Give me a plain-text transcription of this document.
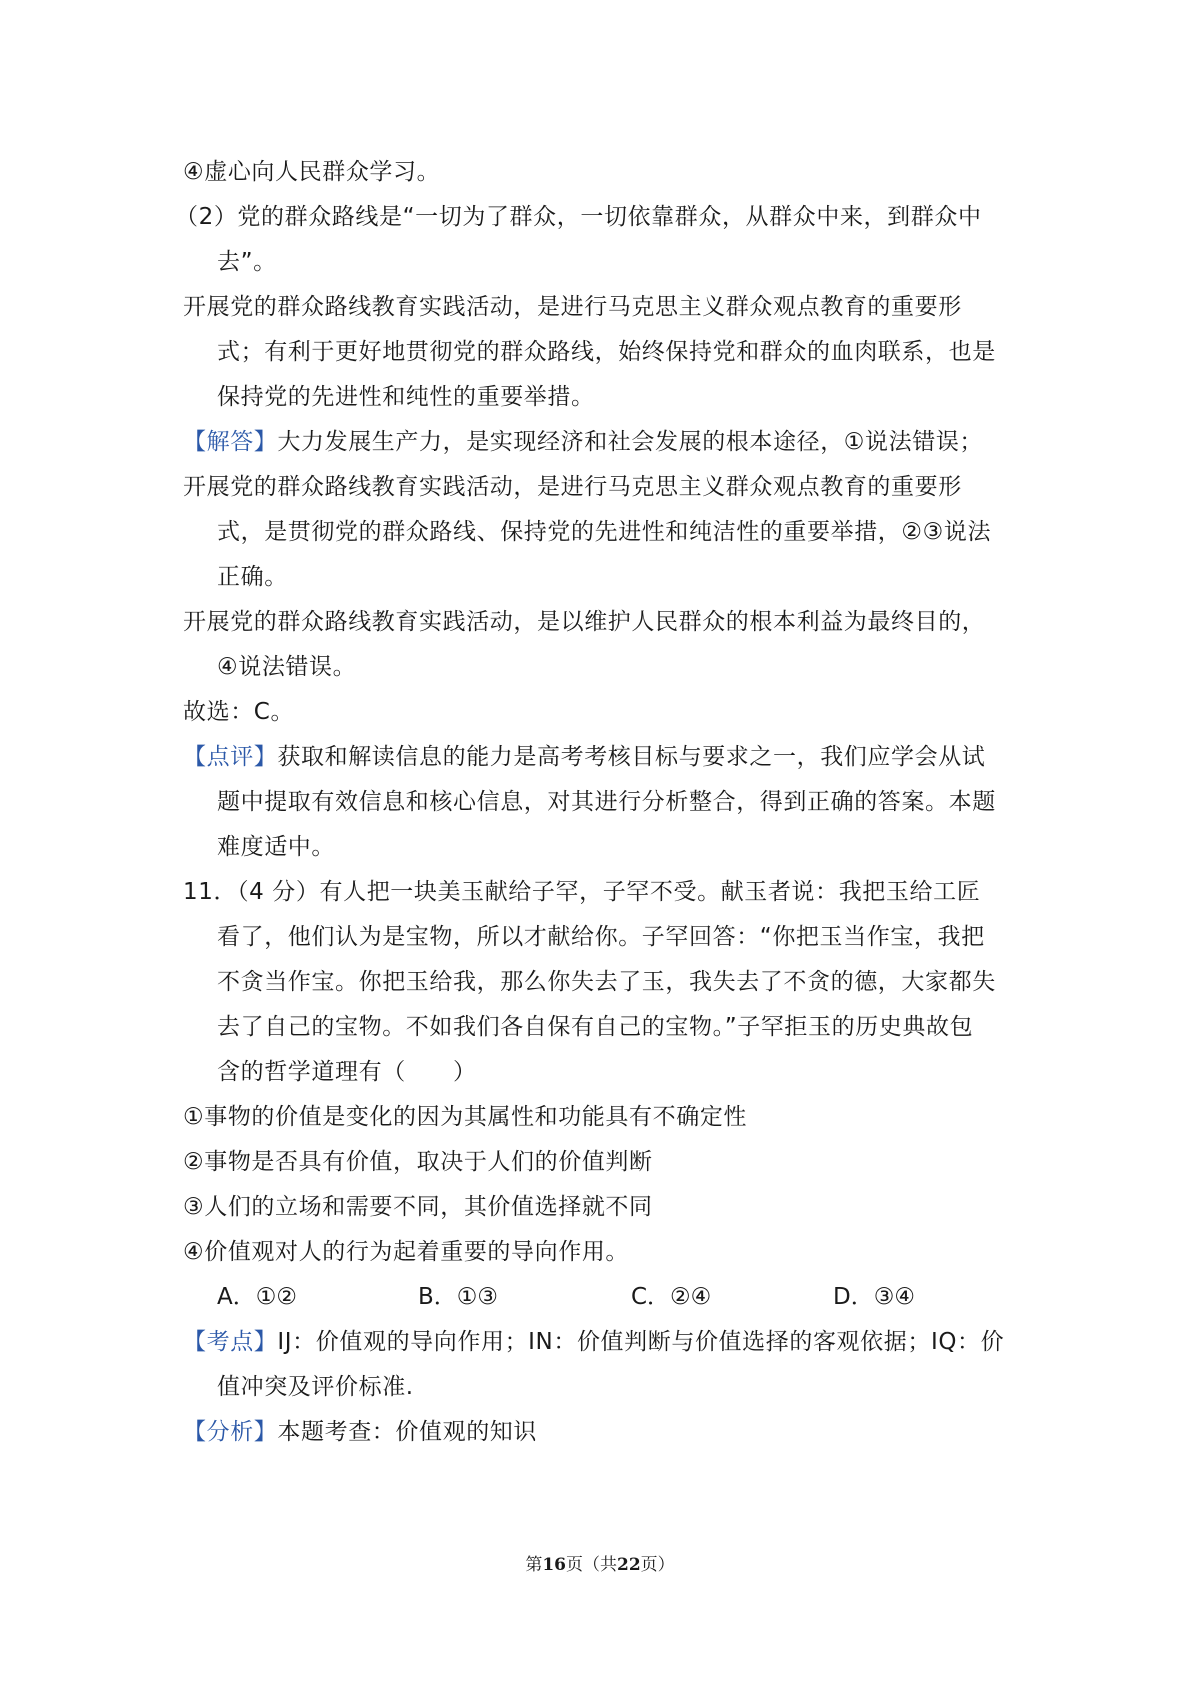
④虚心向人民群众学习。
（2）党的群众路线是“一切为了群众，一切依靠群众，从群众中来，到群众中
去”。
开展党的群众路线教育实践活动，是进行马克思主义群众观点教育的重要形
式；有利于更好地贯彻党的群众路线，始终保持党和群众的血肉联系，也是
保持党的先进性和纯性的重要举措。
【解答】大力发展生产力，是实现经济和社会发展的根本途径，①说法错误；
开展党的群众路线教育实践活动，是进行马克思主义群众观点教育的重要形
式，是贯彻党的群众路线、保持党的先进性和纯洁性的重要举措，②③说法
正确。
开展党的群众路线教育实践活动，是以维护人民群众的根本利益为最终目的，
④说法错误。
故选：C。
【点评】获取和解读信息的能力是高考考核目标与要求之一，我们应学会从试
题中提取有效信息和核心信息，对其进行分析整合，得到正确的答案。本题
难度适中。
11．（4 分）有人把一块美玉献给子罕，子罕不受。献玉者说：我把玉给工匠
看了，他们认为是宝物，所以才献给你。子罕回答：“你把玉当作宝，我把
不贪当作宝。你把玉给我，那么你失去了玉，我失去了不贪的德，大家都失
去了自己的宝物。不如我们各自保有自己的宝物。”子罕拒玉的历史典故包
含的哲学道理有（　　）
①事物的价值是变化的因为其属性和功能具有不确定性
②事物是否具有价值，取决于人们的价值判断
③人们的立场和需要不同，其价值选择就不同
④价值观对人的行为起着重要的导向作用。
A．①②	B．①③	C．②④	D．③④
【考点】IJ：价值观的导向作用；IN：价值判断与价值选择的客观依据；IQ：价
值冲突及评价标准.
【分析】本题考查：价值观的知识
第16页（共22页）
